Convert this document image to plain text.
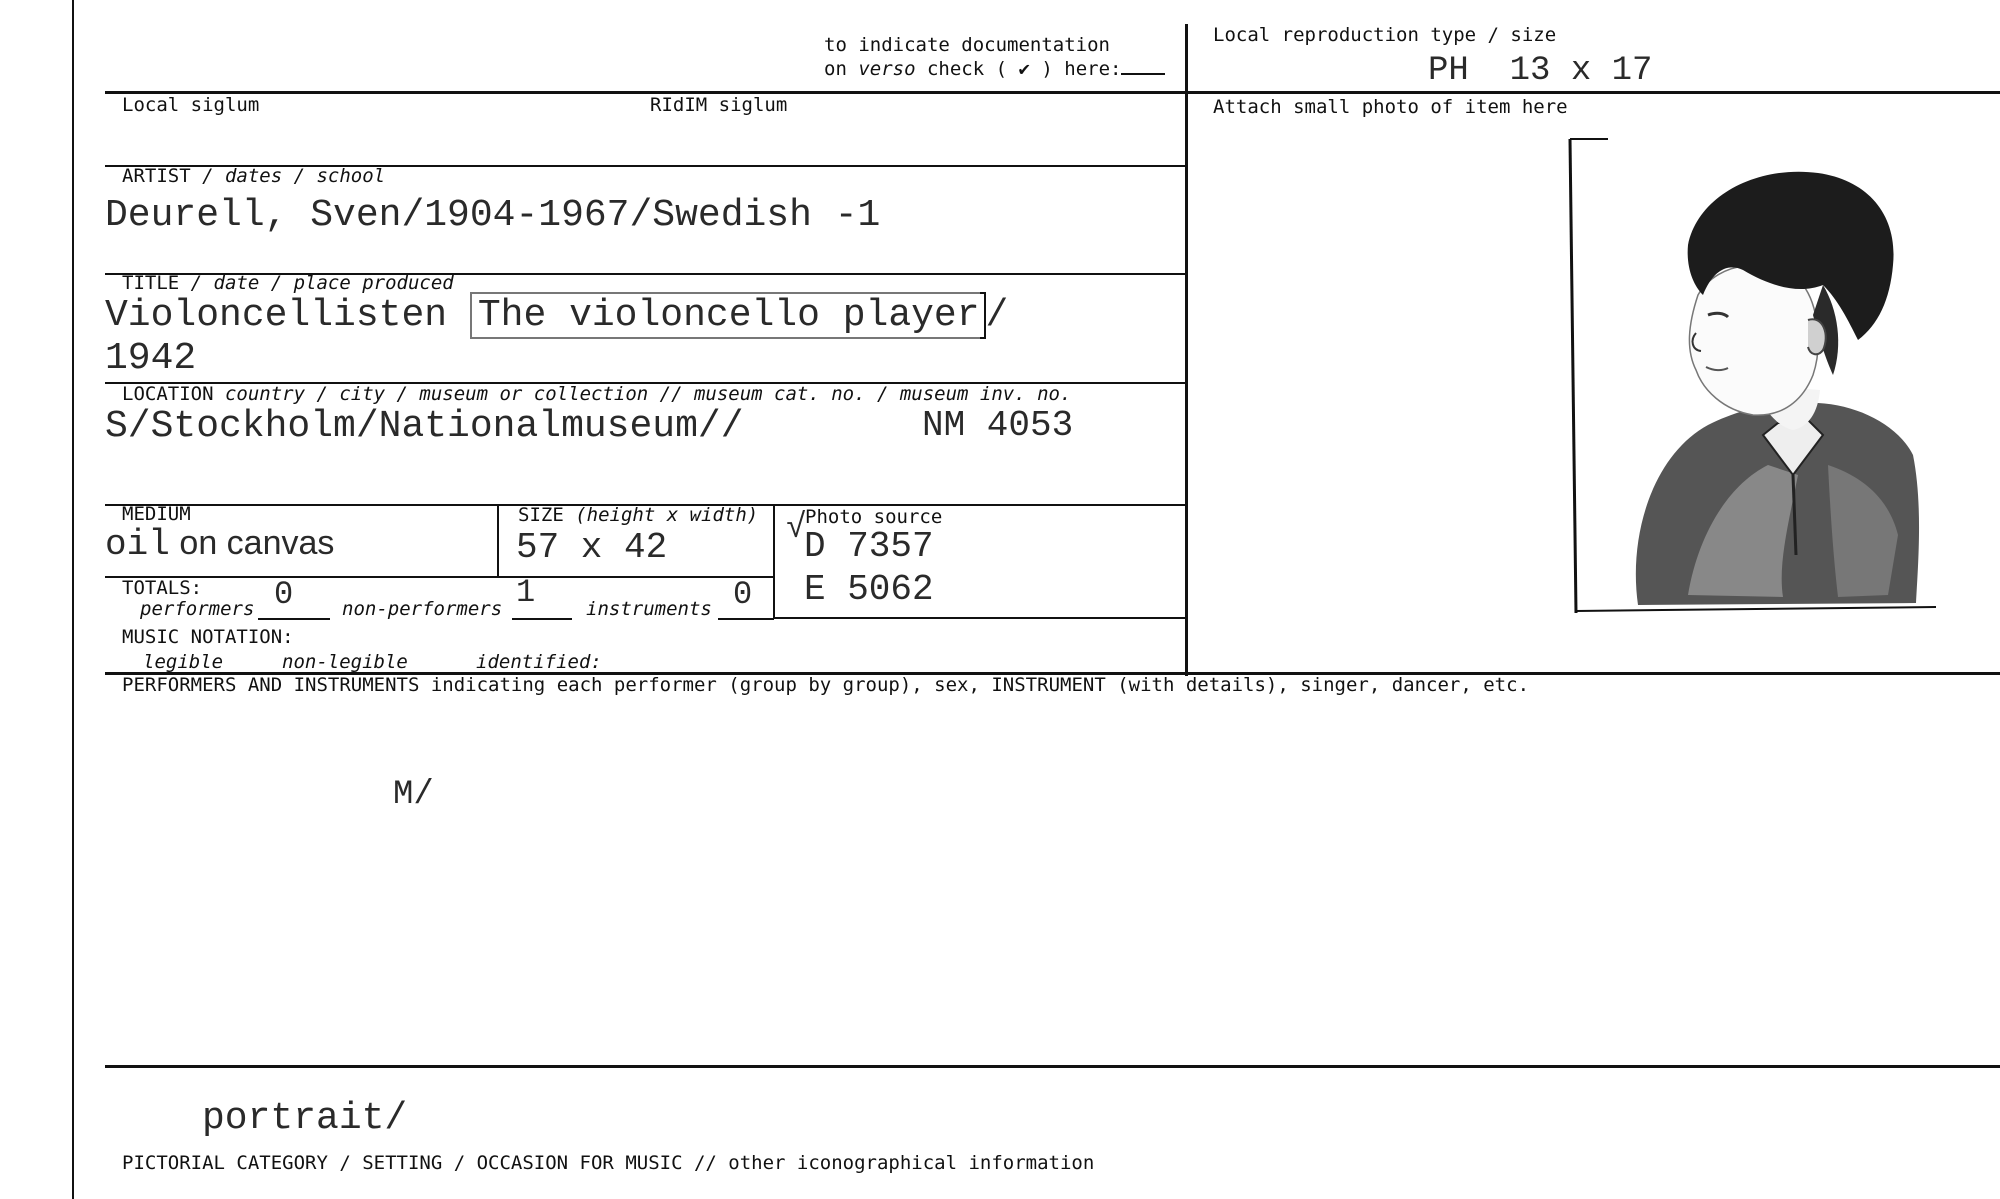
to indicate documentation
on verso check ( ✔ ) here:
Local reproduction type / size
PH  13 x 17
Local siglum	RIdIM siglum	Attach small photo of item here
ARTIST / dates / school
Deurell, Sven/1904-1967/Swedish -1
TITLE / date / place produced
Violoncellisten The violoncello player /
1942
LOCATION country / city / museum or collection // museum cat. no. / museum inv. no.
S/Stockholm/Nationalmuseum//	NM 4053
MEDIUM
oil on canvas
SIZE (height x width)
57 x 42	√
Photo source
D 7357
E 5062
TOTALS:
performers 0	non-performers 1	instruments 0
MUSIC NOTATION:
legible	non-legible	identified:
PERFORMERS AND INSTRUMENTS indicating each performer (group by group), sex, INSTRUMENT (with details), singer, dancer, etc.
M/
portrait/
PICTORIAL CATEGORY / SETTING / OCCASION FOR MUSIC // other iconographical information
